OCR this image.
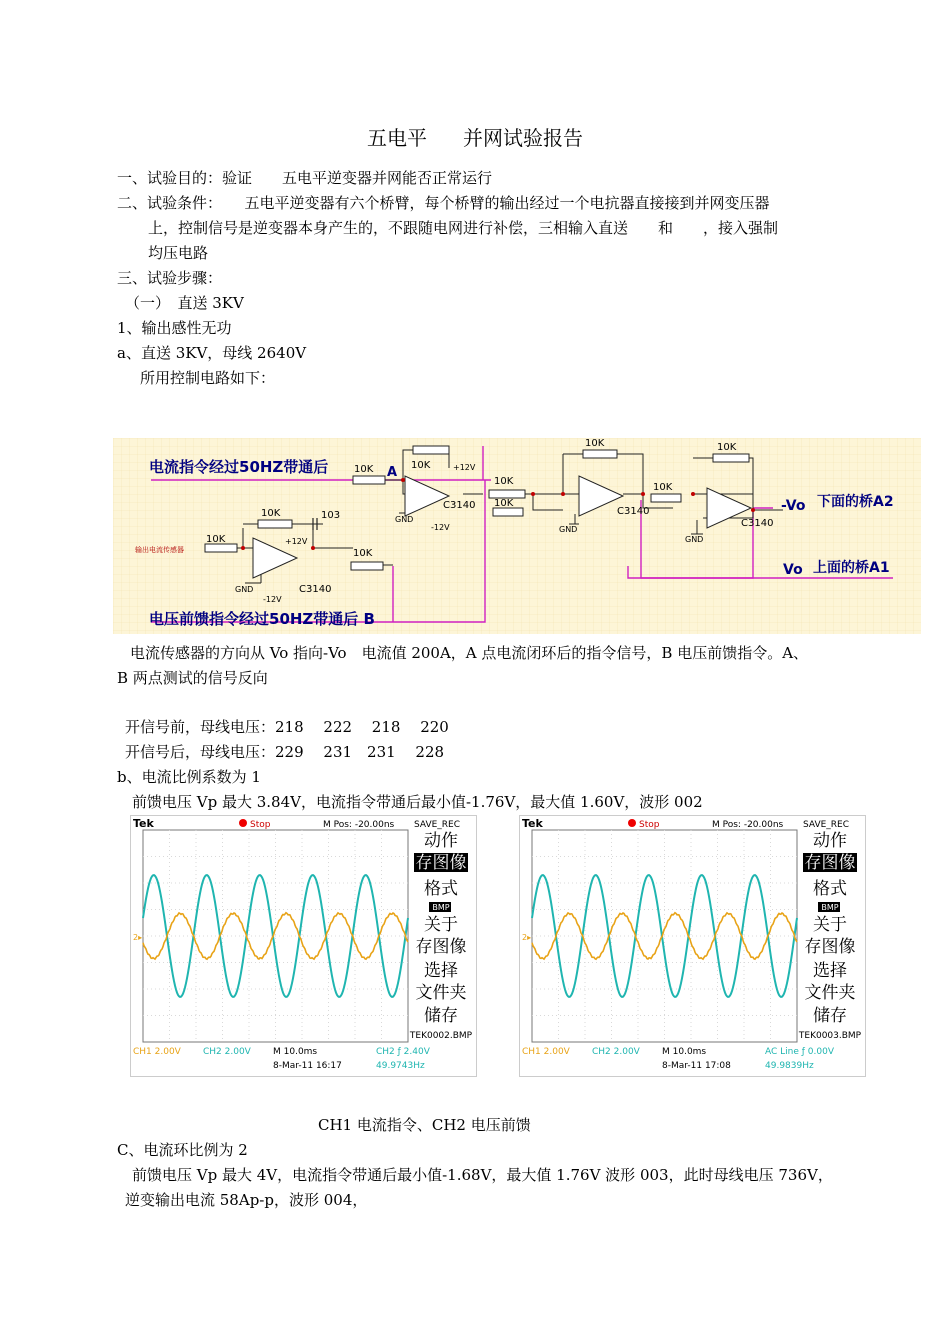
五电平 并网试验报告
一、试验目的：验证　　五电平逆变器并网能否正常运行
二、试验条件：　　五电平逆变器有六个桥臂，每个桥臂的输出经过一个电抗器直接接到并网变压器
上，控制信号是逆变器本身产生的，不跟随电网进行补偿，三相输入直送　　和　　，接入强制
均压电路
三、试验步骤：
（一）　直送 3KV
1、输出感性无功
a、直送 3KV，母线 2640V
所用控制电路如下：
10K	10K
10K
10K
10K	10K
10K
10K
10K
10K
103
C3140
C3140
C3140
C3140
+12V
+12V
-12V
-12V
GND
GND
GND
GND
输出电流传感器
电流指令经过50HZ带通后
电压前馈指令经过50HZ带通后 B
A
-Vo 下面的桥A2
Vo 上面的桥A1
电流传感器的方向从 Vo 指向-Vo　电流值 200A，A 点电流闭环后的指令信号，B 电压前馈指令。A、
B 两点测试的信号反向
开信号前，母线电压：218　 222　 218　 220
开信号后，母线电压：229　 231　231　 228
b、电流比例系数为 1
前馈电压 Vp 最大 3.84V，电流指令带通后最小值-1.76V，最大值 1.60V，波形 002
Tek	Stop	M Pos: -20.00ns SAVE_REC
2▸
动作
存图像
格式
BMP
关于
存图像
选择
文件夹
储存
TEK0002.BMP
CH1 2.00V CH2 2.00V M 10.0ms
8-Mar-11 16:17
CH2 ƒ 2.40V
49.9743Hz
Tek	Stop	M Pos: -20.00ns SAVE_REC
2▸
动作
存图像
格式
BMP
关于
存图像
选择
文件夹
储存
TEK0003.BMP
CH1 2.00V CH2 2.00V M 10.0ms
8-Mar-11 17:08
AC Line ƒ 0.00V
49.9839Hz
CH1 电流指令、CH2 电压前馈
C、电流环比例为 2
前馈电压 Vp 最大 4V，电流指令带通后最小值-1.68V，最大值 1.76V 波形 003，此时母线电压 736V，
逆变输出电流 58Ap-p，波形 004，
